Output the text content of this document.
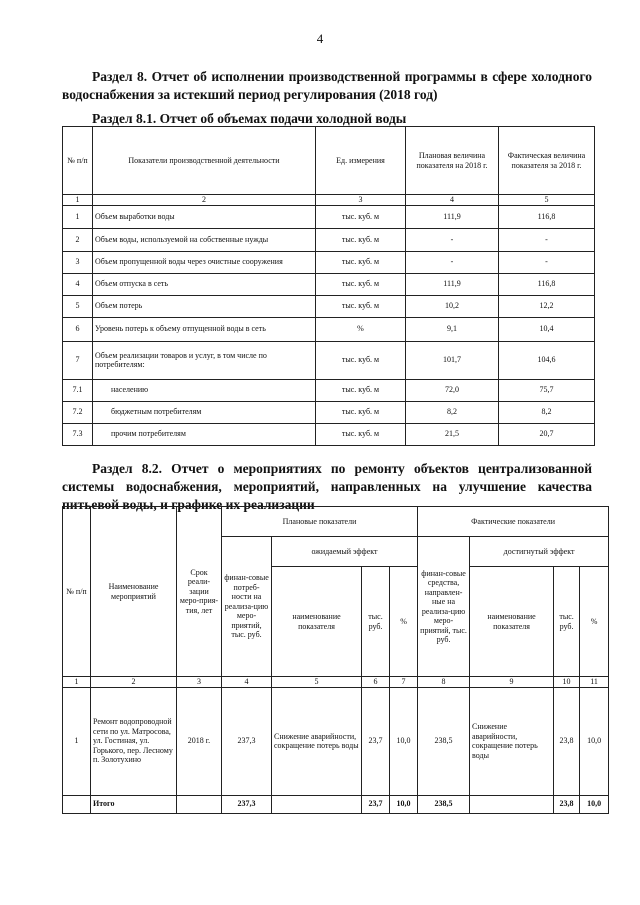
4
Раздел 8. Отчет об исполнении производственной программы в сфере холодного водоснабжения за истекший период регулирования (2018 год)
Раздел 8.1. Отчет об объемах подачи холодной воды
№ п/п	Показатели производственной деятельности	Ед. измерения	Плановая величина показателя на 2018 г.	Фактическая величина показателя за 2018 г.
1	2	3	4	5
1	Объем выработки воды	тыс. куб. м	111,9	116,8
2	Объем воды, используемой на собственные нужды	тыс. куб. м	-	-
3	Объем пропущенной воды через очистные сооружения	тыс. куб. м	-	-
4	Объем отпуска в сеть	тыс. куб. м	111,9	116,8
5	Объем потерь	тыс. куб. м	10,2	12,2
6	Уровень потерь к объему отпущенной воды в сеть	%	9,1	10,4
7	Объем реализации товаров и услуг, в том числе по потребителям:	тыс. куб. м	101,7	104,6
7.1	населению	тыс. куб. м	72,0	75,7
7.2	бюджетным потребителям	тыс. куб. м	8,2	8,2
7.3	прочим потребителям	тыс. куб. м	21,5	20,7
Раздел 8.2. Отчет о мероприятиях по ремонту объектов централизованной системы водоснабжения, мероприятий, направленных на улучшение качества питьевой воды, и графике их реализации
№ п/п	Наименование мероприятий	Срок реали-зации меро-прия-тия, лет	Плановые показатели				Фактические показатели			
			финан-совые потреб-ности на реализа-цию меро-приятий, тыс. руб.	ожидаемый эффект			финан-совые средства, направлен-ные на реализа-цию меро-приятий, тыс. руб.	достигнутый эффект		
				наименование показателя	тыс. руб.	%		наименование показателя	тыс. руб.	%
1	2	3	4	5	6	7	8	9	10	11
1	Ремонт водопроводной сети по ул. Матросова, ул. Гостиная, ул. Горького, пер. Лесному п. Золотухино	2018 г.	237,3	Снижение аварийности, сокращение потерь воды	23,7	10,0	238,5	Снижение аварийности, сокращение потерь воды	23,8	10,0
	Итого		237,3		23,7	10,0	238,5		23,8	10,0
